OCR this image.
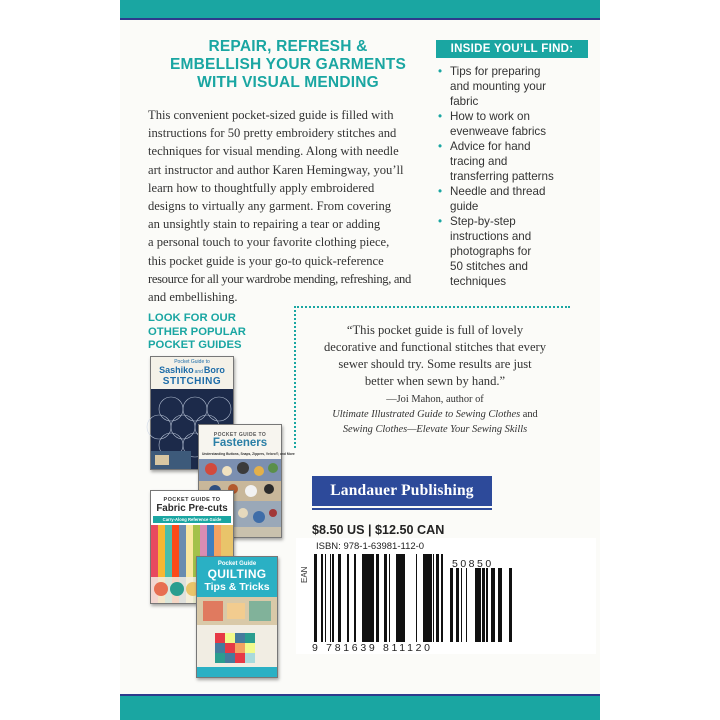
REPAIR, REFRESH &
EMBELLISH YOUR GARMENTS
WITH VISUAL MENDING
This convenient pocket-sized guide is filled with
instructions for 50 pretty embroidery stitches and
techniques for visual mending. Along with needle
art instructor and author Karen Hemingway, you’ll
learn how to thoughtfully apply embroidered
designs to virtually any garment. From covering
an unsightly stain to repairing a tear or adding
a personal touch to your favorite clothing piece,
this pocket guide is your go-to quick-reference
resource for all your wardrobe mending, refreshing, and
and embellishing.
INSIDE YOU’LL FIND:
• Tips for preparing
and mounting your
fabric
• How to work on
evenweave fabrics
• Advice for hand
tracing and
transferring patterns
• Needle and thread
guide
• Step-by-step
instructions and
photographs for
50 stitches and
techniques
LOOK FOR OUR
OTHER POPULAR
POCKET GUIDES
Pocket Guide to
SashikoandBoro
STITCHING
POCKET GUIDE TO
Fasteners
Understanding Buttons, Snaps, Zippers, Velcro®, and More
POCKET GUIDE TO
Fabric Pre-cuts
Carry-Along Reference Guide
Pocket Guide
QUILTING
Tips & Tricks
“This pocket guide is full of lovely
decorative and functional stitches that every
sewer should try. Some results are just
better when sewn by hand.”
—Joi Mahon, author of
Ultimate Illustrated Guide to Sewing Clothes and
Sewing Clothes—Elevate Your Sewing Skills
Landauer Publishing
$8.50 US | $12.50 CAN
EAN
ISBN: 978-1-63981-112-0
50850
9 781639 811120
